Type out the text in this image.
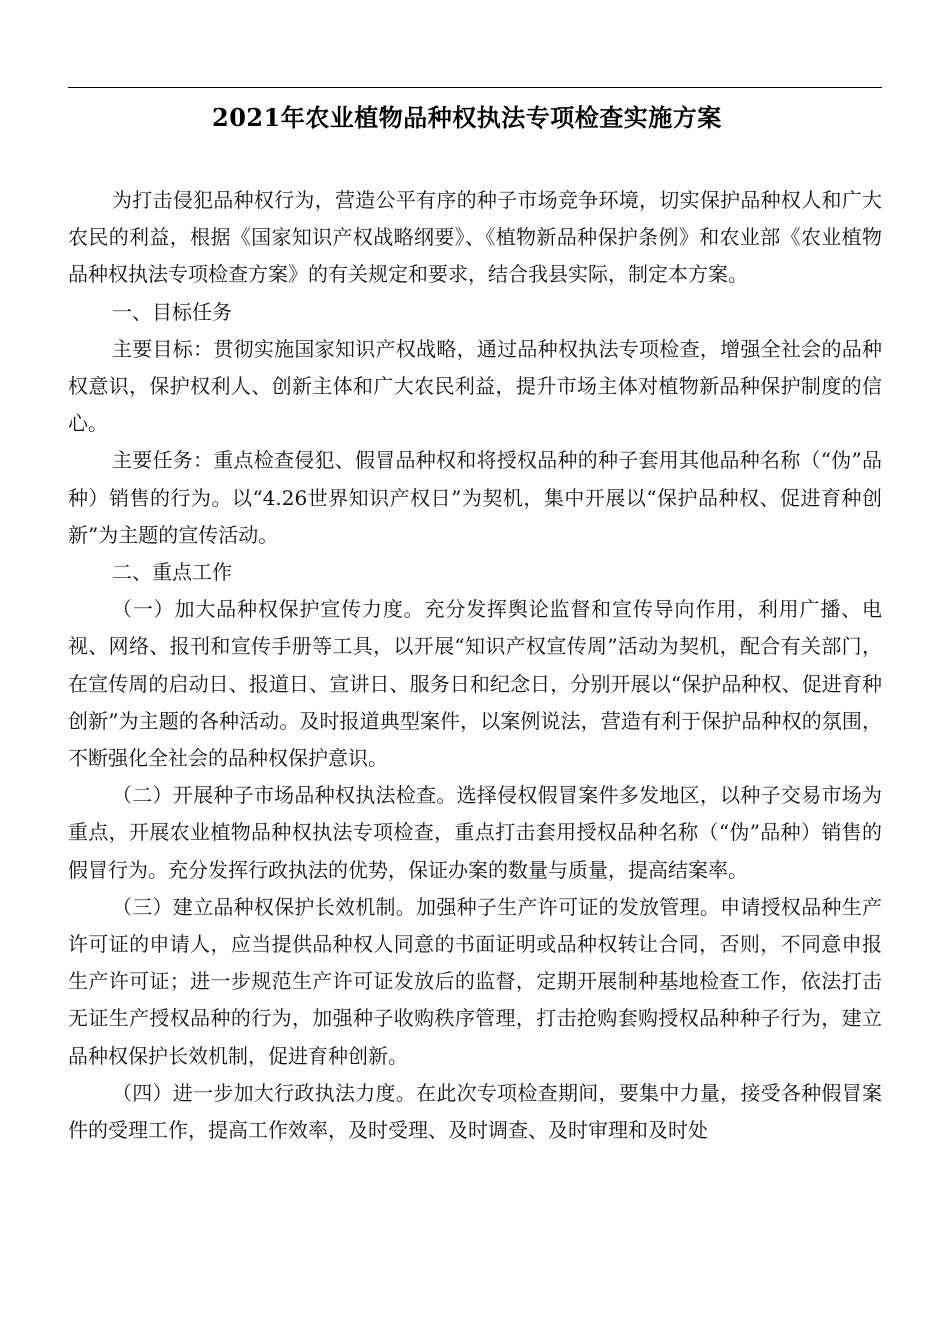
2021年农业植物品种权执法专项检查实施方案

为打击侵犯品种权行为，营造公平有序的种子市场竞争环境，切实保护品种权人和广大农民的利益，根据《国家知识产权战略纲要》、《植物新品种保护条例》和农业部《农业植物品种权执法专项检查方案》的有关规定和要求，结合我县实际，制定本方案。

一、目标任务

主要目标：贯彻实施国家知识产权战略，通过品种权执法专项检查，增强全社会的品种权意识，保护权利人、创新主体和广大农民利益，提升市场主体对植物新品种保护制度的信心。

主要任务：重点检查侵犯、假冒品种权和将授权品种的种子套用其他品种名称（“伪”品种）销售的行为。以“4.26世界知识产权日”为契机，集中开展以“保护品种权、促进育种创新”为主题的宣传活动。

二、重点工作

（一）加大品种权保护宣传力度。充分发挥舆论监督和宣传导向作用，利用广播、电视、网络、报刊和宣传手册等工具，以开展“知识产权宣传周”活动为契机，配合有关部门，在宣传周的启动日、报道日、宣讲日、服务日和纪念日，分别开展以“保护品种权、促进育种创新”为主题的各种活动。及时报道典型案件，以案例说法，营造有利于保护品种权的氛围，不断强化全社会的品种权保护意识。

（二）开展种子市场品种权执法检查。选择侵权假冒案件多发地区，以种子交易市场为重点，开展农业植物品种权执法专项检查，重点打击套用授权品种名称（“伪”品种）销售的假冒行为。充分发挥行政执法的优势，保证办案的数量与质量，提高结案率。

（三）建立品种权保护长效机制。加强种子生产许可证的发放管理。申请授权品种生产许可证的申请人，应当提供品种权人同意的书面证明或品种权转让合同，否则，不同意申报生产许可证；进一步规范生产许可证发放后的监督，定期开展制种基地检查工作，依法打击无证生产授权品种的行为，加强种子收购秩序管理，打击抢购套购授权品种种子行为，建立品种权保护长效机制，促进育种创新。

（四）进一步加大行政执法力度。在此次专项检查期间，要集中力量，接受各种假冒案件的受理工作，提高工作效率，及时受理、及时调查、及时审理和及时处
